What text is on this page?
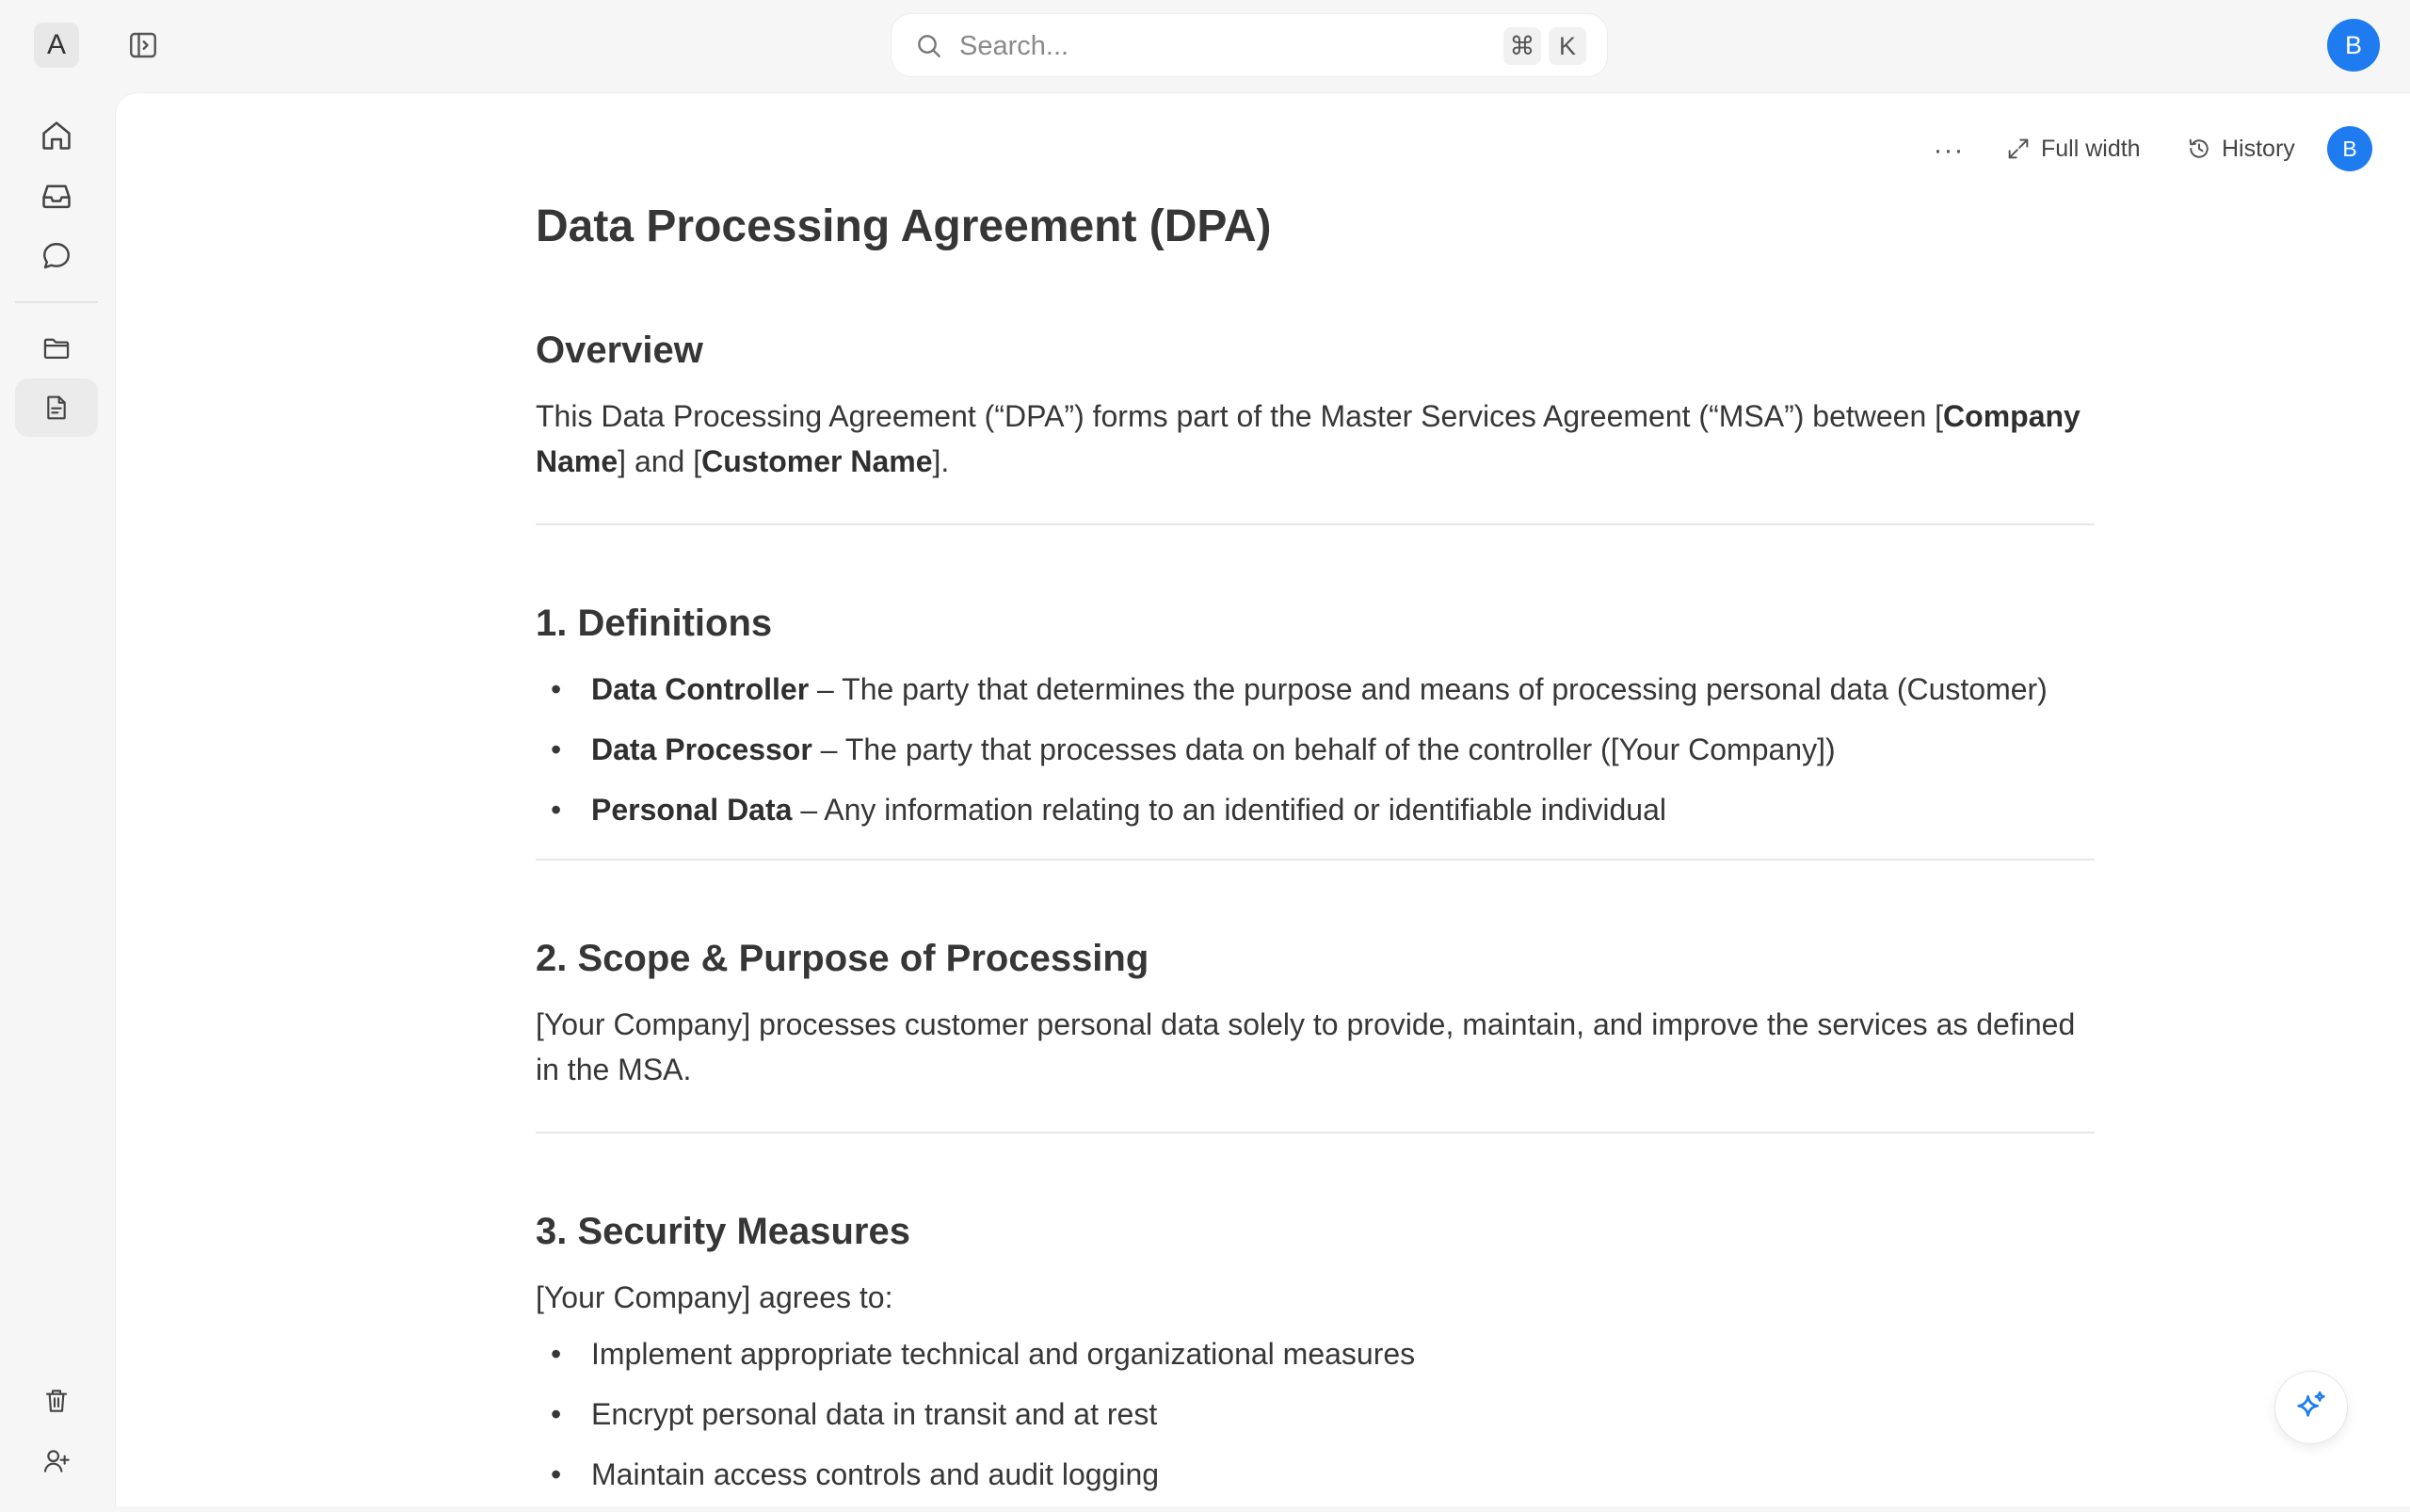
A
Search...	⌘ K	B
···	Full width	History	B
Data Processing Agreement (DPA)
Overview

This Data Processing Agreement (“DPA”) forms part of the Master Services Agreement (“MSA”) between [Company Name] and [Customer Name].

1. Definitions
• Data Controller – The party that determines the purpose and means of processing personal data (Customer)
• Data Processor – The party that processes data on behalf of the controller ([Your Company])
• Personal Data – Any information relating to an identified or identifiable individual
2. Scope & Purpose of Processing

[Your Company] processes customer personal data solely to provide, maintain, and improve the services as defined in the MSA.

3. Security Measures

[Your Company] agrees to:

• Implement appropriate technical and organizational measures
• Encrypt personal data in transit and at rest
• Maintain access controls and audit logging
